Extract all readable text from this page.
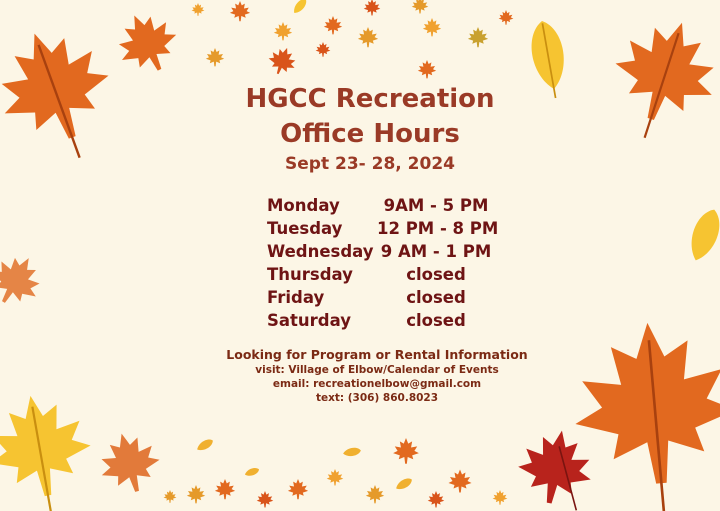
HGCC Recreation
Office Hours
Sept 23- 28, 2024
Monday	9AM - 5 PM
Tuesday 12 PM - 8 PM
Wednesday 9 AM - 1 PM
Thursday	closed
Friday	closed
Saturday	closed
Looking for Program or Rental Information
visit: Village of Elbow/Calendar of Events
email: recreationelbow@gmail.com
text: (306) 860.8023
